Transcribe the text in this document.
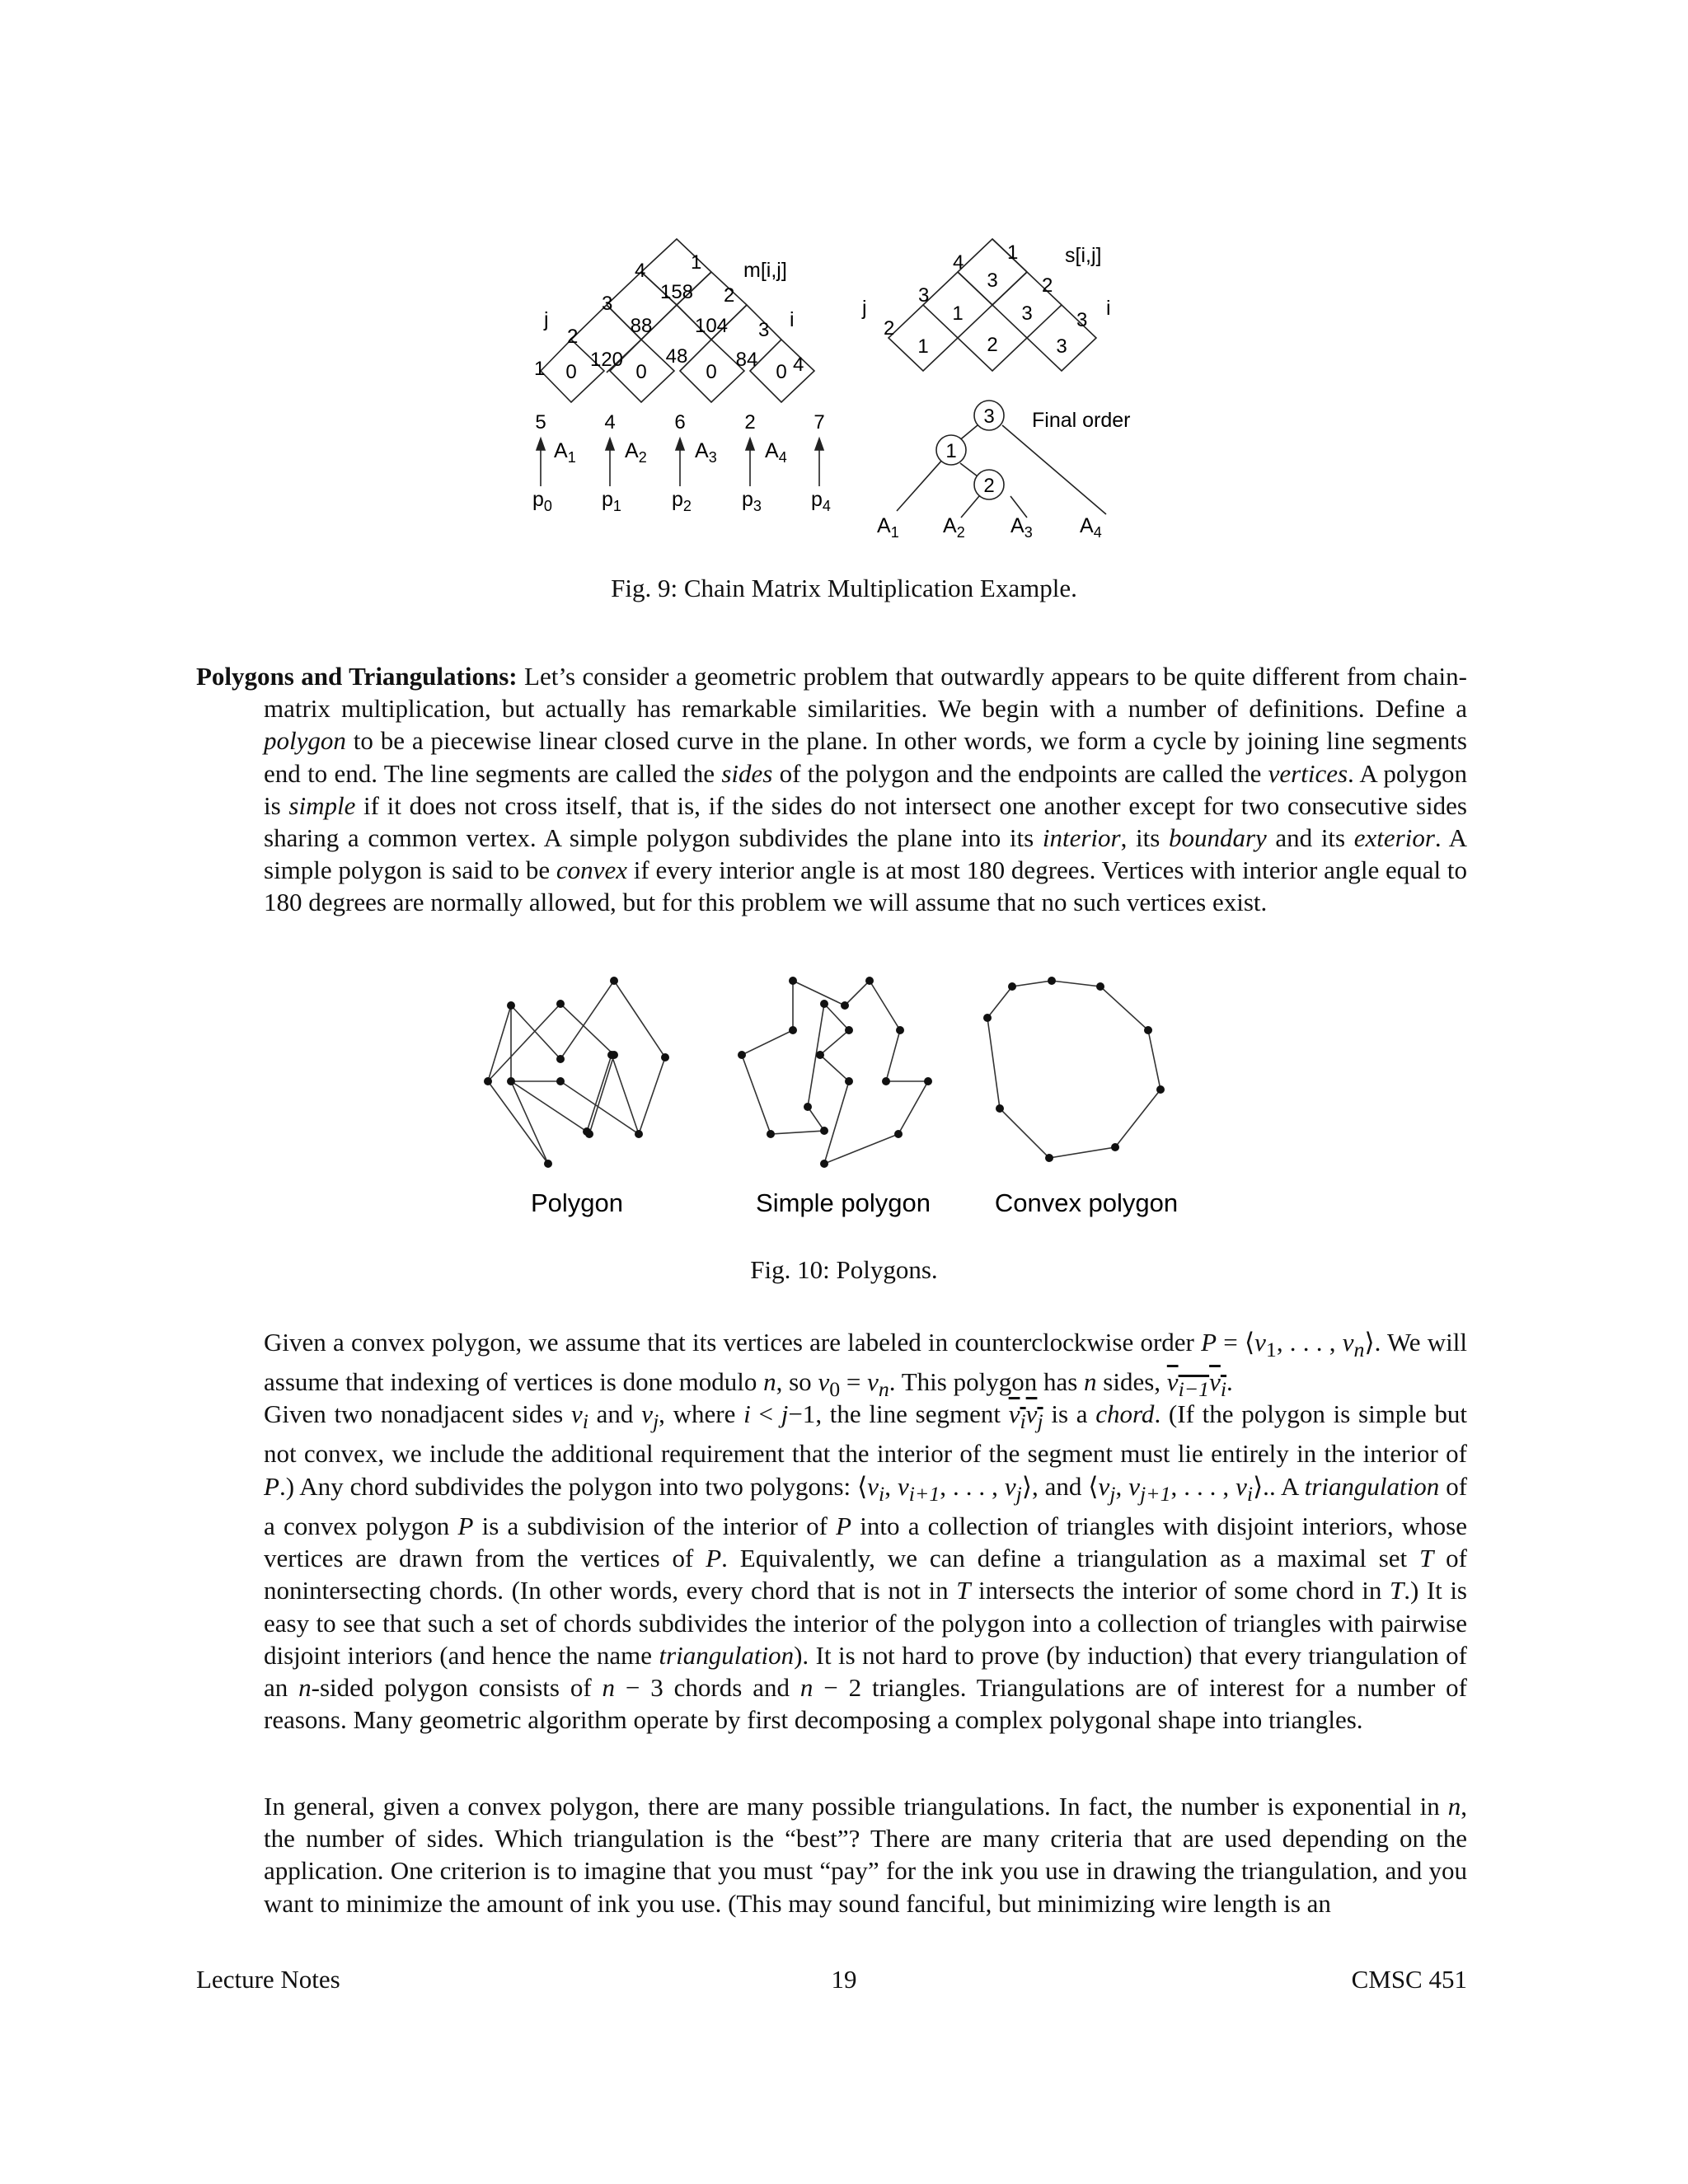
m[i,j]
j	i
1
2
3
4 1
2
3
4
0	0	0	0
120 48 84
88 104
158
5	4	6	2	7
$A_1$ $A_2$ $A_3$ $A_4$
$p_0$ $p_1$ $p_2$ $p_3$ $p_4$
s[i,j]
j	i
2
3
4 1
2
3
1	2	3
1	3
3
3
1
2
Final order
$A_1$ $A_2$ $A_3$ $A_4$
Fig. 9: Chain Matrix Multiplication Example.

Polygons and Triangulations: Let’s consider a geometric problem that outwardly appears to be quite different from chain-matrix multiplication, but actually has remarkable similarities. We begin with a number of definitions. Define a polygon to be a piecewise linear closed curve in the plane. In other words, we form a cycle by joining line segments end to end. The line segments are called the sides of the polygon and the endpoints are called the vertices. A polygon is simple if it does not cross itself, that is, if the sides do not intersect one another except for two consecutive sides sharing a common vertex. A simple polygon subdivides the plane into its interior, its boundary and its exterior. A simple polygon is said to be convex if every interior angle is at most 180 degrees. Vertices with interior angle equal to 180 degrees are normally allowed, but for this problem we will assume that no such vertices exist.

Polygon	Simple polygon	Convex polygon
Fig. 10: Polygons.

Given a convex polygon, we assume that its vertices are labeled in counterclockwise order $P = ⟨v_1$, . . . , $v_n⟩$. We will assume that indexing of vertices is done modulo n, so $v_0 = v_n$. This polygon has n sides, $v_{i-1}v_i$.

Given two nonadjacent sides $v_i$ and $v_j$, where i < j−1, the line segment $v_iv_j$ is a chord. (If the polygon is simple but not convex, we include the additional requirement that the interior of the segment must lie entirely in the interior of P.) Any chord subdivides the polygon into two polygons: $⟨v_i$, $v_{i+1}$, . . . , $v_j⟩$, and $⟨v_j$, $v_{j+1}$, . . . , $v_i⟩$.. A triangulation of a convex polygon P is a subdivision of the interior of P into a collection of triangles with disjoint interiors, whose vertices are drawn from the vertices of P. Equivalently, we can define a triangulation as a maximal set T of nonintersecting chords. (In other words, every chord that is not in T intersects the interior of some chord in T.) It is easy to see that such a set of chords subdivides the interior of the polygon into a collection of triangles with pairwise disjoint interiors (and hence the name triangulation). It is not hard to prove (by induction) that every triangulation of an n-sided polygon consists of n − 3 chords and n − 2 triangles. Triangulations are of interest for a number of reasons. Many geometric algorithm operate by first decomposing a complex polygonal shape into triangles.

In general, given a convex polygon, there are many possible triangulations. In fact, the number is exponential in n, the number of sides. Which triangulation is the “best”? There are many criteria that are used depending on the application. One criterion is to imagine that you must “pay” for the ink you use in drawing the triangulation, and you want to minimize the amount of ink you use. (This may sound fanciful, but minimizing wire length is an

Lecture Notes	19	CMSC 451
